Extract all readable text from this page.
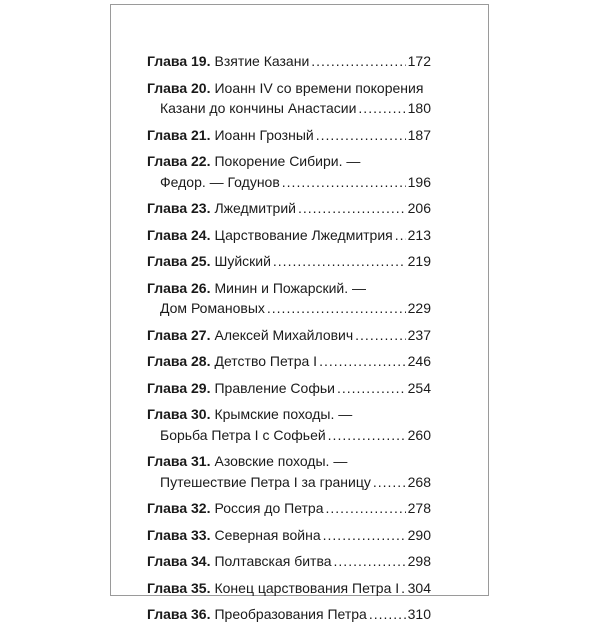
Глава 19. Взятие Казани .....	172
Глава 20. Иоанн IV со времени покорения
Казани до кончины Анастасии .....	180
Глава 21. Иоанн Грозный .....	187
Глава 22. Покорение Сибири. —
Федор. — Годунов .....	196
Глава 23. Лжедмитрий .....	206
Глава 24. Царствование Лжедмитрия ..... 213
Глава 25. Шуйский .....	219
Глава 26. Минин и Пожарский. —
Дом Романовых .....	229
Глава 27. Алексей Михайлович .....	237
Глава 28. Детство Петра I .....	246
Глава 29. Правление Софьи .....	254
Глава 30. Крымские походы. —
Борьба Петра I с Софьей .....	260
Глава 31. Азовские походы. —
Путешествие Петра I за границу .....	268
Глава 32. Россия до Петра .....	278
Глава 33. Северная война .....	290
Глава 34. Полтавская битва .....	298
Глава 35. Конец царствования Петра I ..... 304
Глава 36. Преобразования Петра .....	310
